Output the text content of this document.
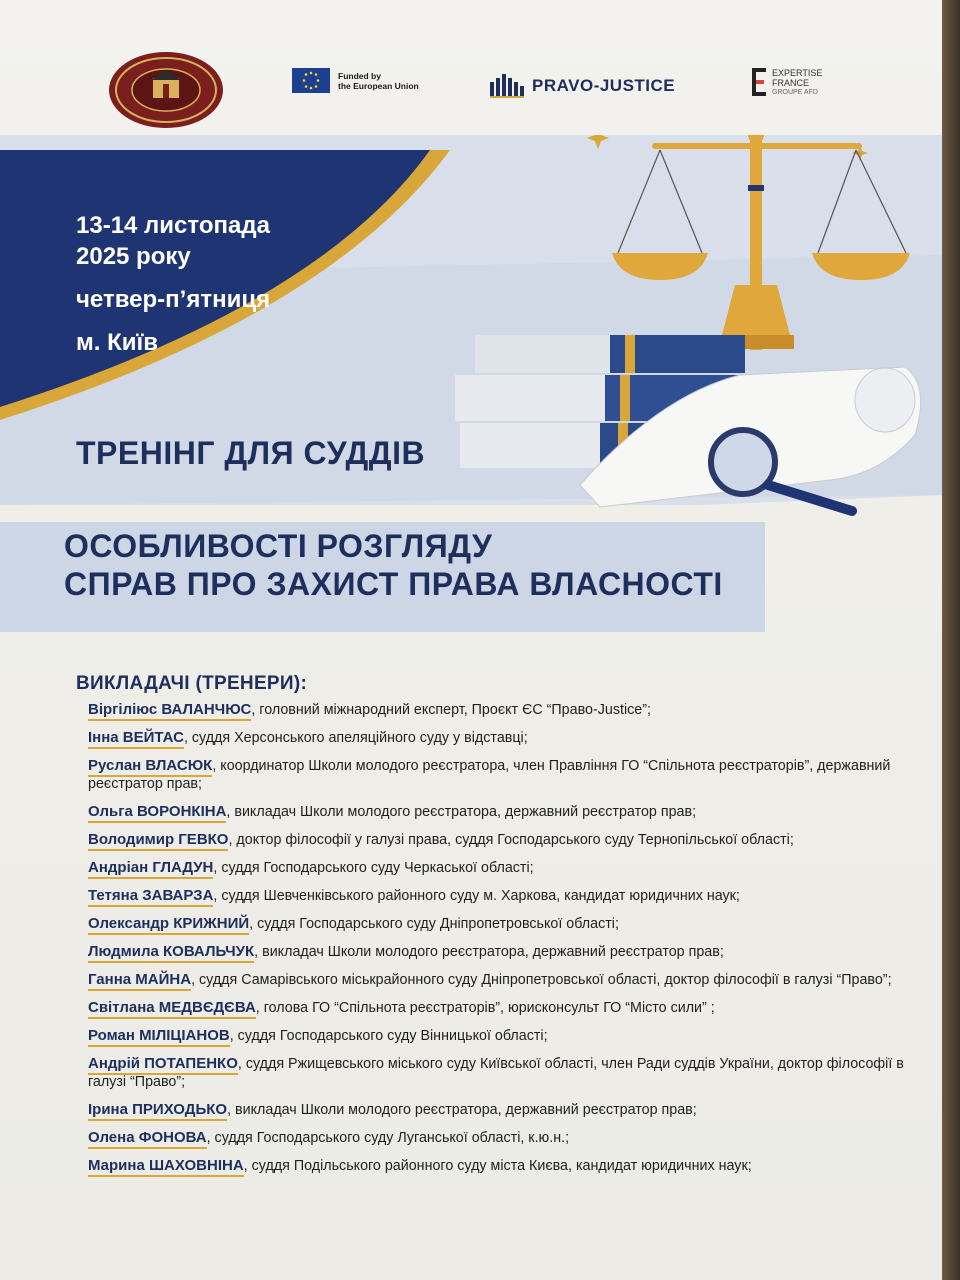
Funded by
the European Union	PRAVO-JUSTICE
EXPERTISE
FRANCE
GROUPE AFD
13-14 листопада
2025 року
четвер-п’ятниця
м. Київ
ТРЕНІНГ ДЛЯ СУДДІВ
ОСОБЛИВОСТІ РОЗГЛЯДУ
СПРАВ ПРО ЗАХИСТ ПРАВА ВЛАСНОСТІ
ВИКЛАДАЧІ (ТРЕНЕРИ):
Віргіліюс ВАЛАНЧЮС, головний міжнародний експерт, Проєкт ЄС “Право-Justice”;
Інна ВЕЙТАС, суддя Херсонського апеляційного суду у відставці;
Руслан ВЛАСЮК, координатор Школи молодого реєстратора, член Правління ГО “Спільнота реєстраторів”, державний реєстратор прав;
Ольга ВОРОНКІНА, викладач Школи молодого реєстратора, державний реєстратор прав;
Володимир ГЕВКО, доктор філософії у галузі права, суддя Господарського суду Тернопільської області;
Андріан ГЛАДУН, суддя Господарського суду Черкаської області;
Тетяна ЗАВАРЗА, суддя Шевченківського районного суду м. Харкова, кандидат юридичних наук;
Олександр КРИЖНИЙ, суддя Господарського суду Дніпропетровської області;
Людмила КОВАЛЬЧУК, викладач Школи молодого реєстратора, державний реєстратор прав;
Ганна МАЙНА, суддя Самарівського міськрайонного суду Дніпропетровської області, доктор філософії в галузі “Право”;
Світлана МЕДВЄДЄВА, голова ГО “Спільнота реєстраторів”, юрисконсульт ГО “Місто сили” ;
Роман МІЛІЦІАНОВ, суддя Господарського суду Вінницької області;
Андрій ПОТАПЕНКО, суддя Ржищевського міського суду Київської області, член Ради суддів України, доктор філософії в галузі “Право”;
Ірина ПРИХОДЬКО, викладач Школи молодого реєстратора, державний реєстратор прав;
Олена ФОНОВА, суддя Господарського суду Луганської області, к.ю.н.;
Марина ШАХОВНІНА, суддя Подільського районного суду міста Києва, кандидат юридичних наук;
